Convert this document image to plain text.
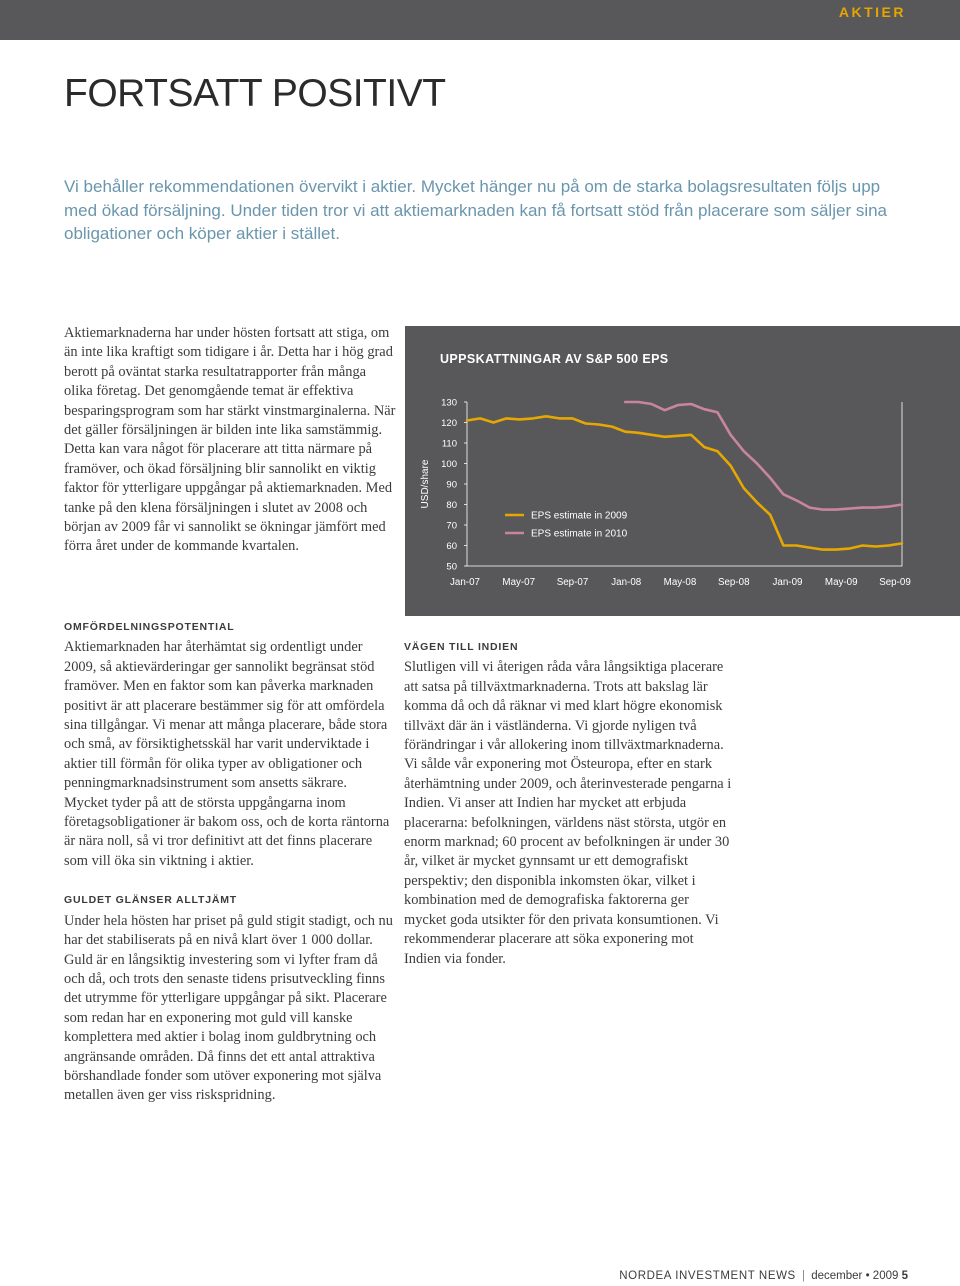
AKTIER
FORTSATT POSITIVT

Vi behåller rekommendationen övervikt i aktier. Mycket hänger nu på om de starka bolagsresultaten följs upp med ökad försäljning. Under tiden tror vi att aktiemarknaden kan få fortsatt stöd från placerare som säljer sina obligationer och köper aktier i stället.

Aktiemarknaderna har under hösten fortsatt att stiga, om än inte lika kraftigt som tidigare i år. Detta har i hög grad berott på oväntat starka resultatrapporter från många olika företag. Det genomgående temat är effektiva besparingsprogram som har stärkt vinstmarginalerna. När det gäller försäljningen är bilden inte lika samstämmig. Detta kan vara något för placerare att titta närmare på framöver, och ökad försäljning blir sannolikt en viktig faktor för ytterligare uppgångar på aktiemarknaden. Med tanke på den klena försäljningen i slutet av 2008 och början av 2009 får vi sannolikt se ökningar jämfört med förra året under de kommande kvartalen.

UPPSKATTNINGAR AV S&P 500 EPS
USD/share
130
120
110
100
90
80
70
60
50
Jan-07 May-07 Sep-07 Jan-08 May-08 Sep-08 Jan-09 May-09 Sep-09
EPS estimate in 2009
EPS estimate in 2010
OMFÖRDELNINGSPOTENTIAL

Aktiemarknaden har återhämtat sig ordentligt under 2009, så aktievärderingar ger sannolikt begränsat stöd framöver. Men en faktor som kan påverka marknaden positivt är att placerare bestämmer sig för att omfördela sina tillgångar. Vi menar att många placerare, både stora och små, av försiktighetsskäl har varit underviktade i aktier till förmån för olika typer av obligationer och penningmarknadsinstrument som ansetts säkrare. Mycket tyder på att de största uppgångarna inom företagsobligationer är bakom oss, och de korta räntorna är nära noll, så vi tror definitivt att det finns placerare som vill öka sin viktning i aktier.

GULDET GLÄNSER ALLTJÄMT

Under hela hösten har priset på guld stigit stadigt, och nu har det stabiliserats på en nivå klart över 1 000 dollar. Guld är en långsiktig investering som vi lyfter fram då och då, och trots den senaste tidens prisutveckling finns det utrymme för ytterligare uppgångar på sikt. Placerare som redan har en exponering mot guld vill kanske komplettera med aktier i bolag inom guldbrytning och angränsande områden. Då finns det ett antal attraktiva börshandlade fonder som utöver exponering mot själva metallen även ger viss riskspridning.

VÄGEN TILL INDIEN

Slutligen vill vi återigen råda våra långsiktiga placerare att satsa på tillväxtmarknaderna. Trots att bakslag lär komma då och då räknar vi med klart högre ekonomisk tillväxt där än i västländerna. Vi gjorde nyligen två förändringar i vår allokering inom tillväxtmarknaderna. Vi sålde vår exponering mot Östeuropa, efter en stark återhämtning under 2009, och återinvesterade pengarna i Indien. Vi anser att Indien har mycket att erbjuda placerarna: befolkningen, världens näst största, utgör en enorm marknad; 60 procent av befolkningen är under 30 år, vilket är mycket gynnsamt ur ett demografiskt perspektiv; den disponibla inkomsten ökar, vilket i kombination med de demografiska faktorerna ger mycket goda utsikter för den privata konsumtionen. Vi rekommenderar placerare att söka exponering mot Indien via fonder.

NORDEA INVESTMENT NEWS | december • 2009 5
